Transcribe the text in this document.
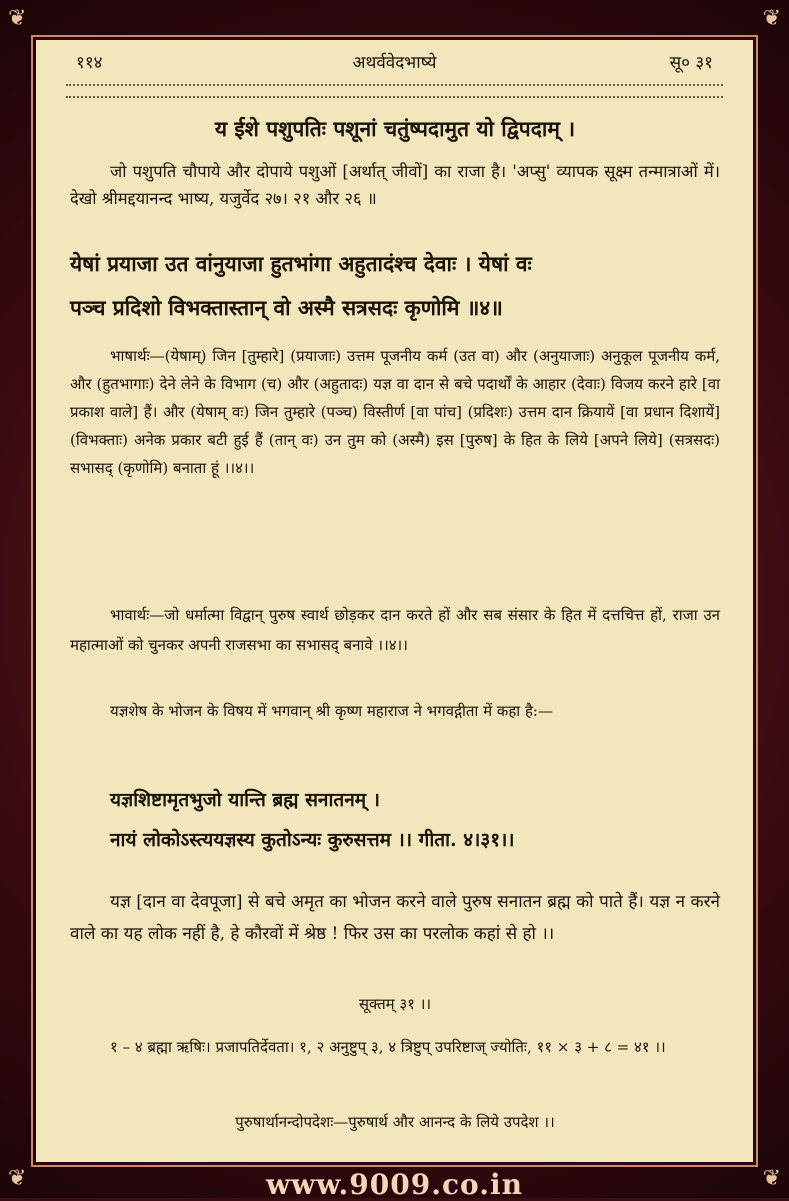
❦	❦
❦	❦
११४	अथर्ववेदभाष्ये	सू० ३१
य ईशे पशुपतिः पशूनां चतुंष्पदामुत यो द्विपदाम् ।
जो पशुपति चौपाये और दोपाये पशुओं [अर्थात् जीवों] का राजा है। 'अप्सु' व्यापक सूक्ष्म तन्मात्राओं में। देखो श्रीमद्दयानन्द भाष्य, यजुर्वेद २७। २१ और २६ ॥
येषां प्रयाजा उत वांनुयाजा हुतभांगा अहुतादंश्च देवाः । येषां वः
पञ्च प्रदिशो विभक्तास्तान् वो अस्मै सत्रसदः कृणोमि ॥४॥
भाषार्थः—(येषाम्) जिन [तुम्हारे] (प्रयाजाः) उत्तम पूजनीय कर्म (उत वा) और (अनुयाजाः) अनुकूल पूजनीय कर्म, और (हुतभागाः) देने लेने के विभाग (च) और (अहुतादः) यज्ञ वा दान से बचे पदार्थों के आहार (देवाः) विजय करने हारे [वा प्रकाश वाले] हैं। और (येषाम् वः) जिन तुम्हारे (पञ्च) विस्तीर्ण [वा पांच] (प्रदिशः) उत्तम दान क्रियायें [वा प्रधान दिशायें] (विभक्ताः) अनेक प्रकार बटी हुई हैं (तान् वः) उन तुम को (अस्मै) इस [पुरुष] के हित के लिये [अपने लिये] (सत्रसदः) सभासद् (कृणोमि) बनाता हूं ।।४।।
भावार्थः—जो धर्मात्मा विद्वान् पुरुष स्वार्थ छोड़कर दान करते हों और सब संसार के हित में दत्तचित्त हों, राजा उन महात्माओं को चुनकर अपनी राजसभा का सभासद् बनावे ।।४।।
यज्ञशेष के भोजन के विषय में भगवान् श्री कृष्ण महाराज ने भगवद्गीता में कहा है:—
यज्ञशिष्टामृतभुजो यान्ति ब्रह्म सनातनम् ।
नायं लोकोऽस्त्ययज्ञस्य कुतोऽन्यः कुरुसत्तम ।। गीता. ४।३१।।
यज्ञ [दान वा देवपूजा] से बचे अमृत का भोजन करने वाले पुरुष सनातन ब्रह्म को पाते हैं। यज्ञ न करने वाले का यह लोक नहीं है, हे कौरवों में श्रेष्ठ ! फिर उस का परलोक कहां से हो ।।
सूक्तम् ३१ ।।
१ – ४ ब्रह्मा ऋषिः। प्रजापतिर्देवता। १, २ अनुष्टुप् ३, ४ त्रिष्टुप् उपरिष्टाज् ज्योतिः, ११ × ३ + ८ = ४१ ।।
पुरुषार्थानन्दोपदेशः—पुरुषार्थ और आनन्द के लिये उपदेश ।।
www.9009.co.in
